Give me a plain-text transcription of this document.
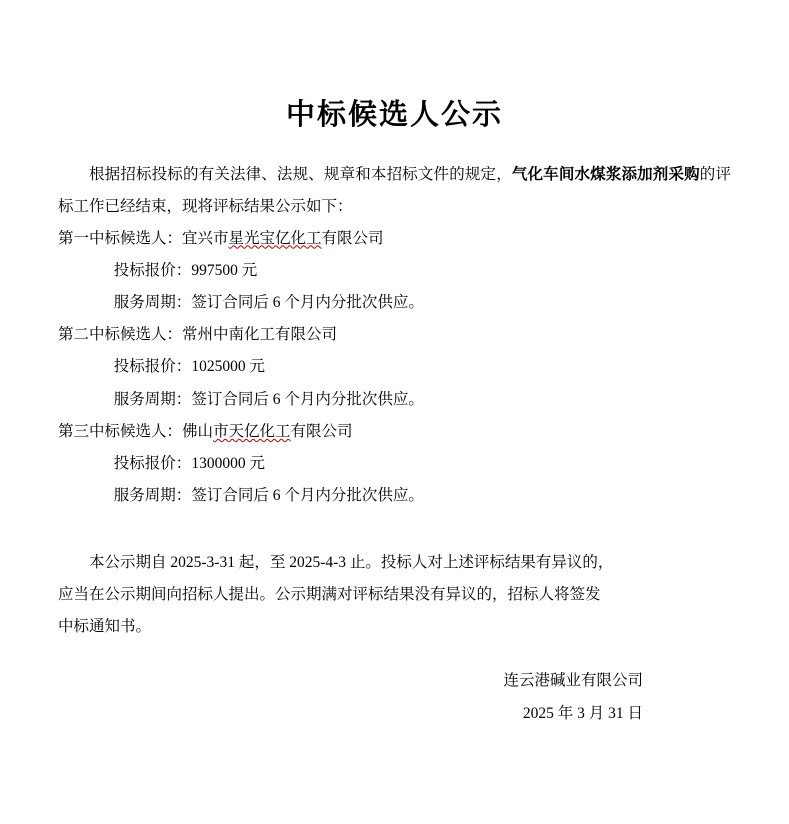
中标候选人公示

根据招标投标的有关法律、法规、规章和本招标文件的规定，气化车间水煤浆添加剂采购的评标工作已经结束，现将评标结果公示如下：

第一中标候选人：宜兴市星光宝亿化工有限公司

投标报价：997500 元

服务周期：签订合同后 6 个月内分批次供应。

第二中标候选人：常州中南化工有限公司

投标报价：1025000 元

服务周期：签订合同后 6 个月内分批次供应。

第三中标候选人：佛山市天亿化工有限公司

投标报价：1300000 元

服务周期：签订合同后 6 个月内分批次供应。

本公示期自 2025-3-31 起，至 2025-4-3 止。投标人对上述评标结果有异议的，

应当在公示期间向招标人提出。公示期满对评标结果没有异议的，招标人将签发

中标通知书。

连云港碱业有限公司
2025 年 3 月 31 日
